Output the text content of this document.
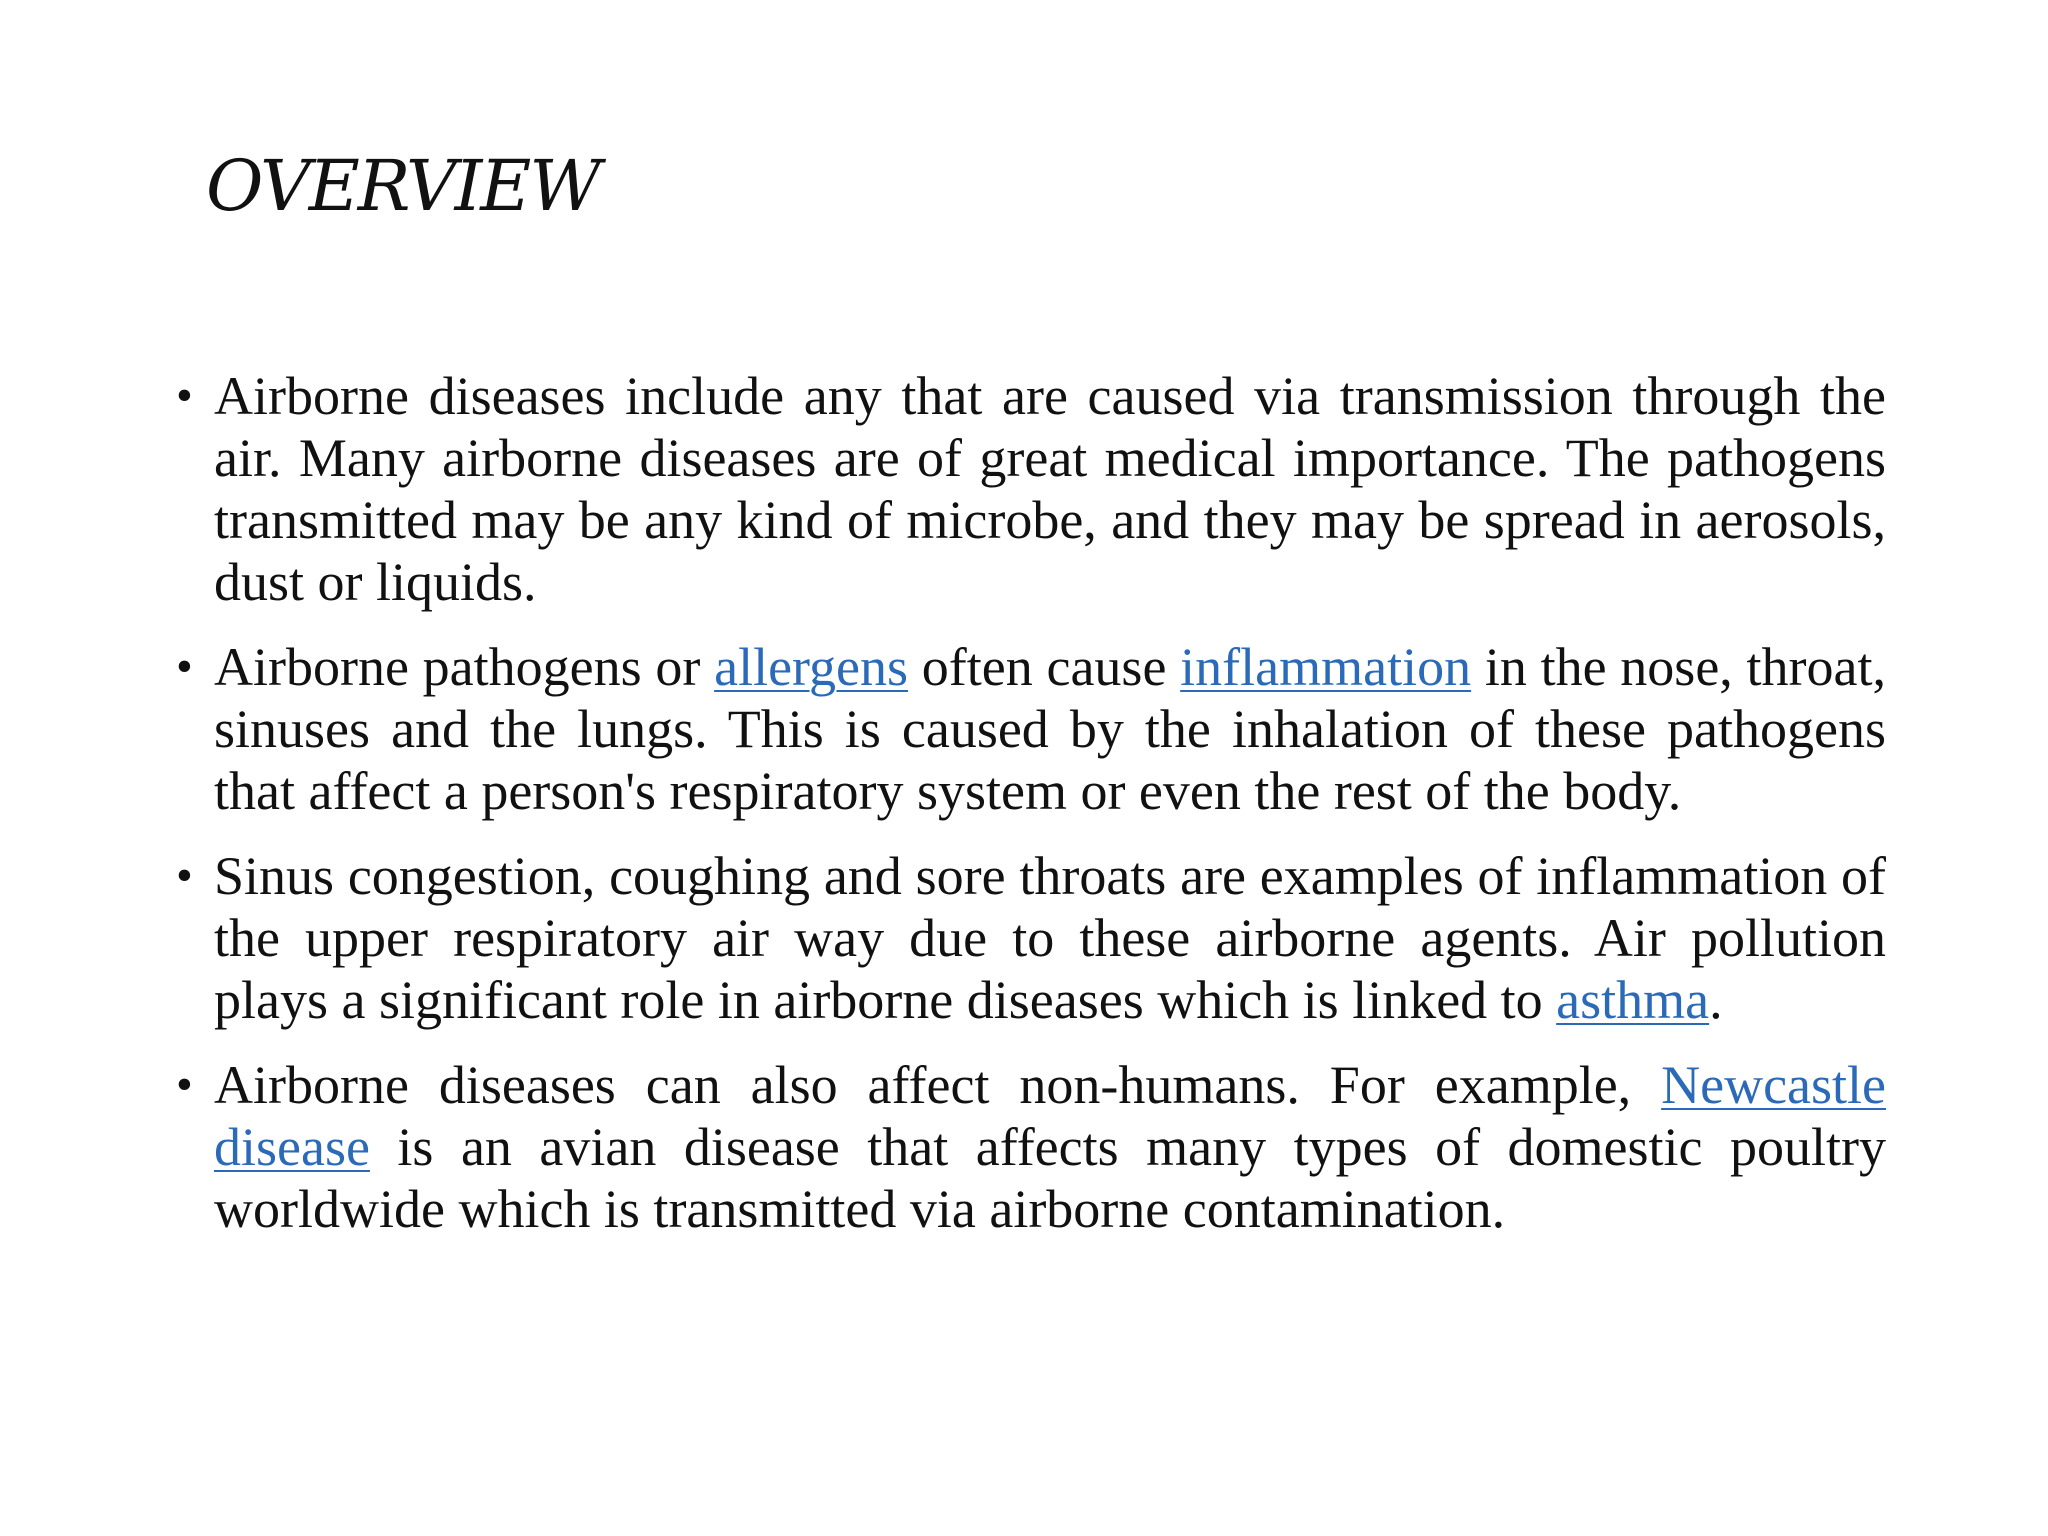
OVERVIEW
• Airborne diseases include any that are caused via transmission through the air. Many airborne diseases are of great medical importance. The pathogens transmitted may be any kind of microbe, and they may be spread in aerosols, dust or liquids.
• Airborne pathogens or allergens often cause inflammation in the nose, throat, sinuses and the lungs. This is caused by the inhalation of these pathogens that affect a person's respiratory system or even the rest of the body.
• Sinus congestion, coughing and sore throats are examples of inflammation of the upper respiratory air way due to these airborne agents. Air pollution plays a significant role in airborne diseases which is linked to asthma.
• Airborne diseases can also affect non-humans. For example, Newcastle disease is an avian disease that affects many types of domestic poultry worldwide which is transmitted via airborne contamination.
